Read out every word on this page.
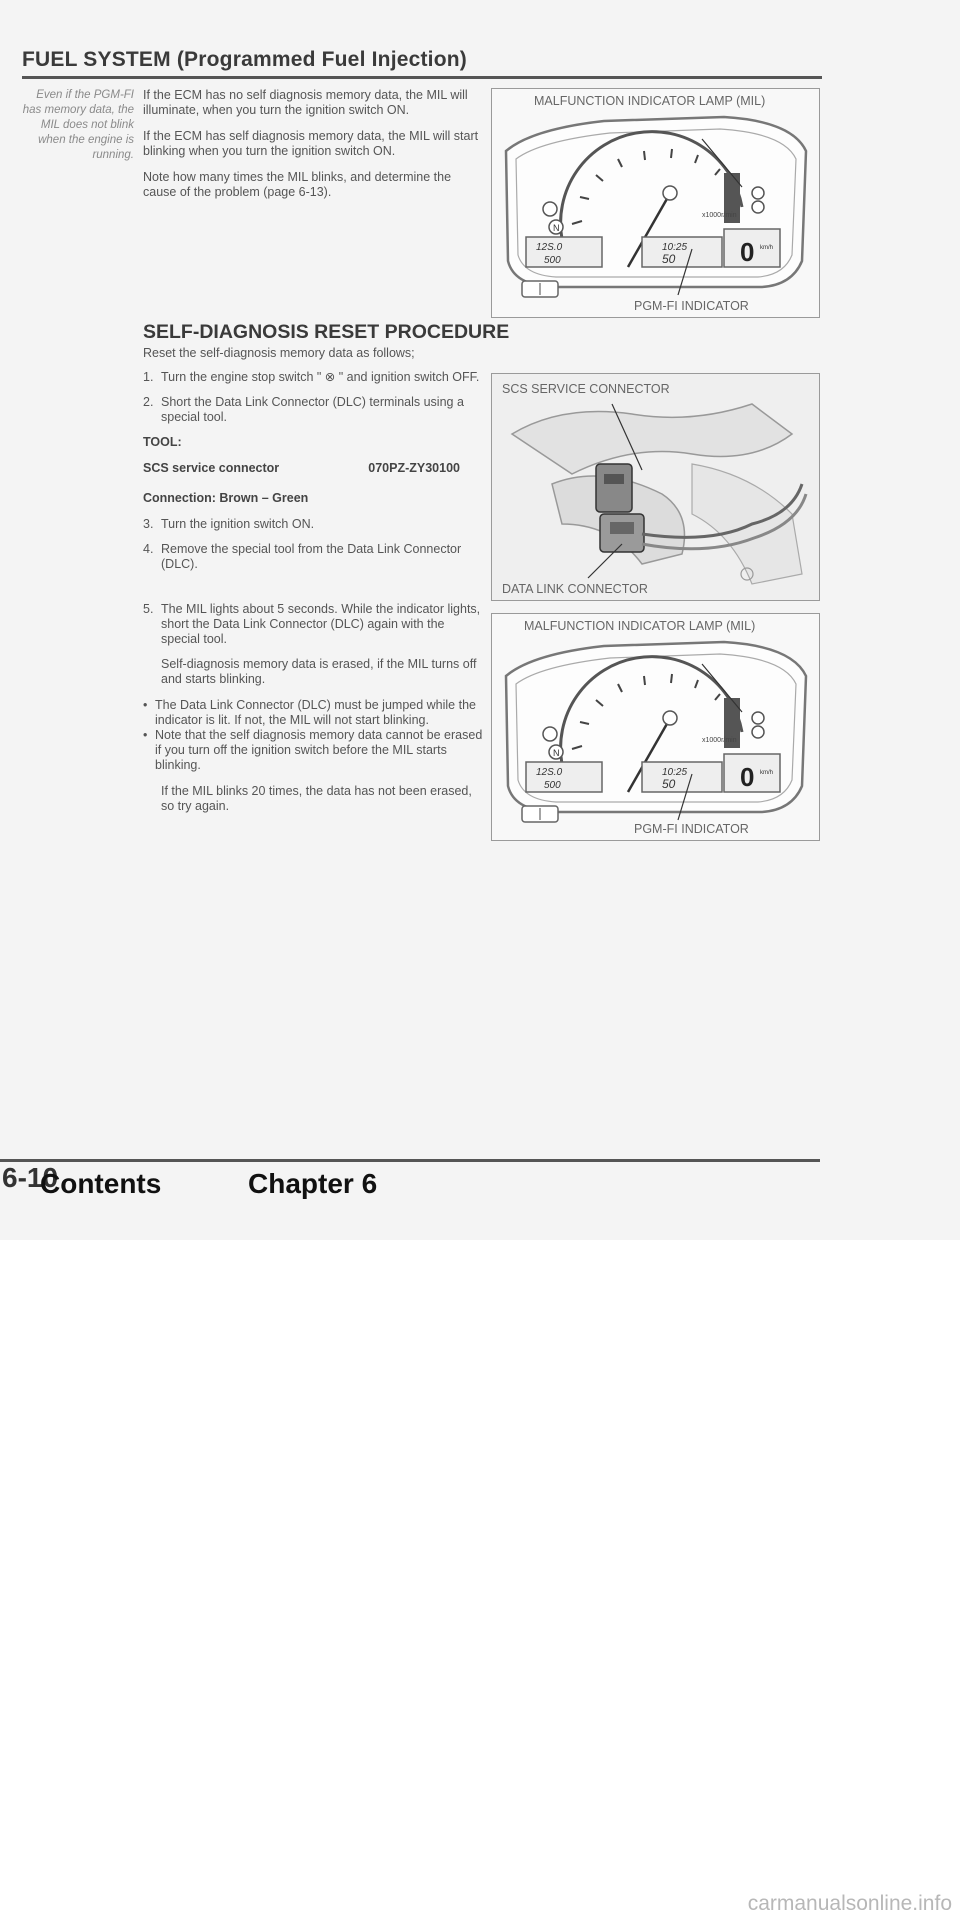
FUEL SYSTEM (Programmed Fuel Injection)
Even if the PGM-FI has memory data, the MIL does not blink when the engine is running.

If the ECM has no self diagnosis memory data, the MIL will illuminate, when you turn the ignition switch ON.

If the ECM has self diagnosis memory data, the MIL will start blinking when you turn the ignition switch ON.

Note how many times the MIL blinks, and determine the cause of the problem (page 6-13).

SELF-DIAGNOSIS RESET PROCEDURE

Reset the self-diagnosis memory data as follows;

1. Turn the engine stop switch " ⊗ " and ignition switch OFF.
2. Short the Data Link Connector (DLC) terminals using a special tool.

TOOL:

SCS service connector	070PZ-ZY30100

Connection: Brown – Green

3. Turn the ignition switch ON.
4. Remove the special tool from the Data Link Connector (DLC).
5. The MIL lights about 5 seconds. While the indicator lights, short the Data Link Connector (DLC) again with the special tool.

Self-diagnosis memory data is erased, if the MIL turns off and starts blinking.

• The Data Link Connector (DLC) must be jumped while the indicator is lit. If not, the MIL will not start blinking.
• Note that the self diagnosis memory data cannot be erased if you turn off the ignition switch before the MIL starts blinking.

If the MIL blinks 20 times, the data has not been erased, so try again.

N
x1000r/min
12S.0
500
10:25
50 0 km/h
MALFUNCTION INDICATOR LAMP (MIL)
PGM-FI INDICATOR
SCS SERVICE CONNECTOR
DATA LINK CONNECTOR
N
x1000r/min
12S.0
500
10:25
50 0 km/h
MALFUNCTION INDICATOR LAMP (MIL)
PGM-FI INDICATOR
6-10
Contents	Chapter 6
carmanualsonline.info
